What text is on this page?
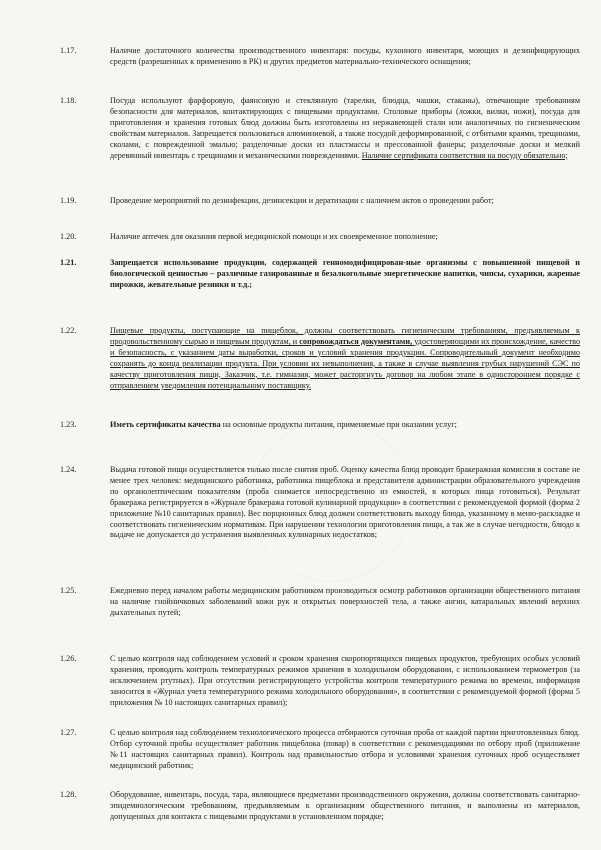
1.17.	Наличие достаточного количества производственного инвентаря: посуды, кухонного инвентаря, моющих и дезинфицирующих средств (разрешенных к применению в РК) и других предметов материально-технического оснащения;
1.18.	Посуда используют фарфоровую, фаянсовую и стеклянную (тарелки, блюдца, чашки, стаканы), отвечающие требованиям безопасности для материалов, контактирующих с пищевыми продуктами. Столовые приборы (ложки, вилки, ножи), посуда для приготовления и хранения готовых блюд должны быть изготовлены из нержавеющей стали или аналогичных по гигиеническим свойствам материалов. Запрещается пользоваться алюминиевой, а также посудой деформированной, с отбитыми краями, трещинами, сколами, с поврежденной эмалью; разделочные доски из пластмассы и прессованной фанеры; разделочные доски и мелкий деревянный инвентарь с трещинами и механическими повреждениями. Наличие сертификата соответствия на посуду обязательно;
1.19.	Проведение мероприятий по дезинфекции, дезинсекции и дератизации с наличием актов о проведении работ;
1.20.	Наличие аптечек для оказания первой медицинской помощи и их своевременное пополнение;
1.21.	Запрещается использование продукции, содержащей генномодифицирован-ные организмы с повышенной пищевой и биологической ценностью – различные газированные и безалкогольные энергетические напитки, чипсы, сухарики, жареные пирожки, жевательные резинки и т.д.;
1.22.	Пищевые продукты, поступающие на пищеблок, должны соответствовать гигиеническим требованиям, предъявляемым к продовольственному сырью и пищевым продуктам, и сопровождаться документами, удостоверяющими их происхождение, качество и безопасность, с указанием даты выработки, сроков и условий хранения продукции. Сопроводительный документ необходимо сохранять до конца реализации продукта. При условии их невыполнения, а также в случае выявления грубых нарушений СЭС по качеству приготовления пищи, Заказчик, т.е. гимназия, может расторгнуть договор на любом этапе в одностороннем порядке с отправлением уведомления потенциальному поставщику.
1.23.	Иметь сертификаты качества на основные продукты питания, применяемые при оказании услуг;
1.24.	Выдача готовой пищи осуществляется только после снятия проб. Оценку качества блюд проводит бракеражная комиссия в составе не менее трех человек: медицинского работника, работника пищеблока и представителя администрации образовательного учреждения по органолептическим показателям (проба снимается непосредственно из емкостей, в которых пища готовиться). Результат бракеража регистрируется в «Журнале бракеража готовой кулинарной продукции» в соответствии с рекомендуемой формой (форма 2 приложение №10 санитарных правил). Вес порционных блюд должен соответствовать выходу блюда, указанному в меню-раскладке и соответствовать гигиеническим нормативам. При нарушении технологии приготовления пищи, а так же в случае негодности, блюдо к выдаче не допускается до устранения выявленных кулинарных недостатков;
1.25.	Ежедневно перед началом работы медицинским работником производиться осмотр работников организации общественного питания на наличие гнойничковых заболеваний кожи рук и открытых поверхностей тела, а также ангин, катаральных явлений верхних дыхательных путей;
1.26.	С целью контроля над соблюдением условий и сроком хранения скоропортящихся пищевых продуктов, требующих особых условий хранения, проводить контроль температурных режимов хранения в холодильном оборудовании, с использованием термометров (за исключением ртутных). При отсутствии регистрирующего устройства контроля температурного режима во времени, информация заносится в «Журнал учета температурного режима холодильного оборудования», в соответствии с рекомендуемой формой (форма 5 приложения № 10 настоящих санитарных правил);
1.27.	С целью контроля над соблюдением технологического процесса отбираются суточная проба от каждой партии приготовленных блюд. Отбор суточной пробы осуществляет работник пищеблока (повар) в соответствии с рекомендациями по отбору проб (приложение №11 настоящих санитарных правил). Контроль над правильностью отбора и условиями хранения суточных проб осуществляет медицинский работник;
1.28.	Оборудование, инвентарь, посуда, тара, являющиеся предметами производственного окружения, должны соответствовать санитарно-эпидемиологическим требованиям, предъявляемым к организациям общественного питания, и выполнены из материалов, допущенных для контакта с пищевыми продуктами в установленном порядке;
